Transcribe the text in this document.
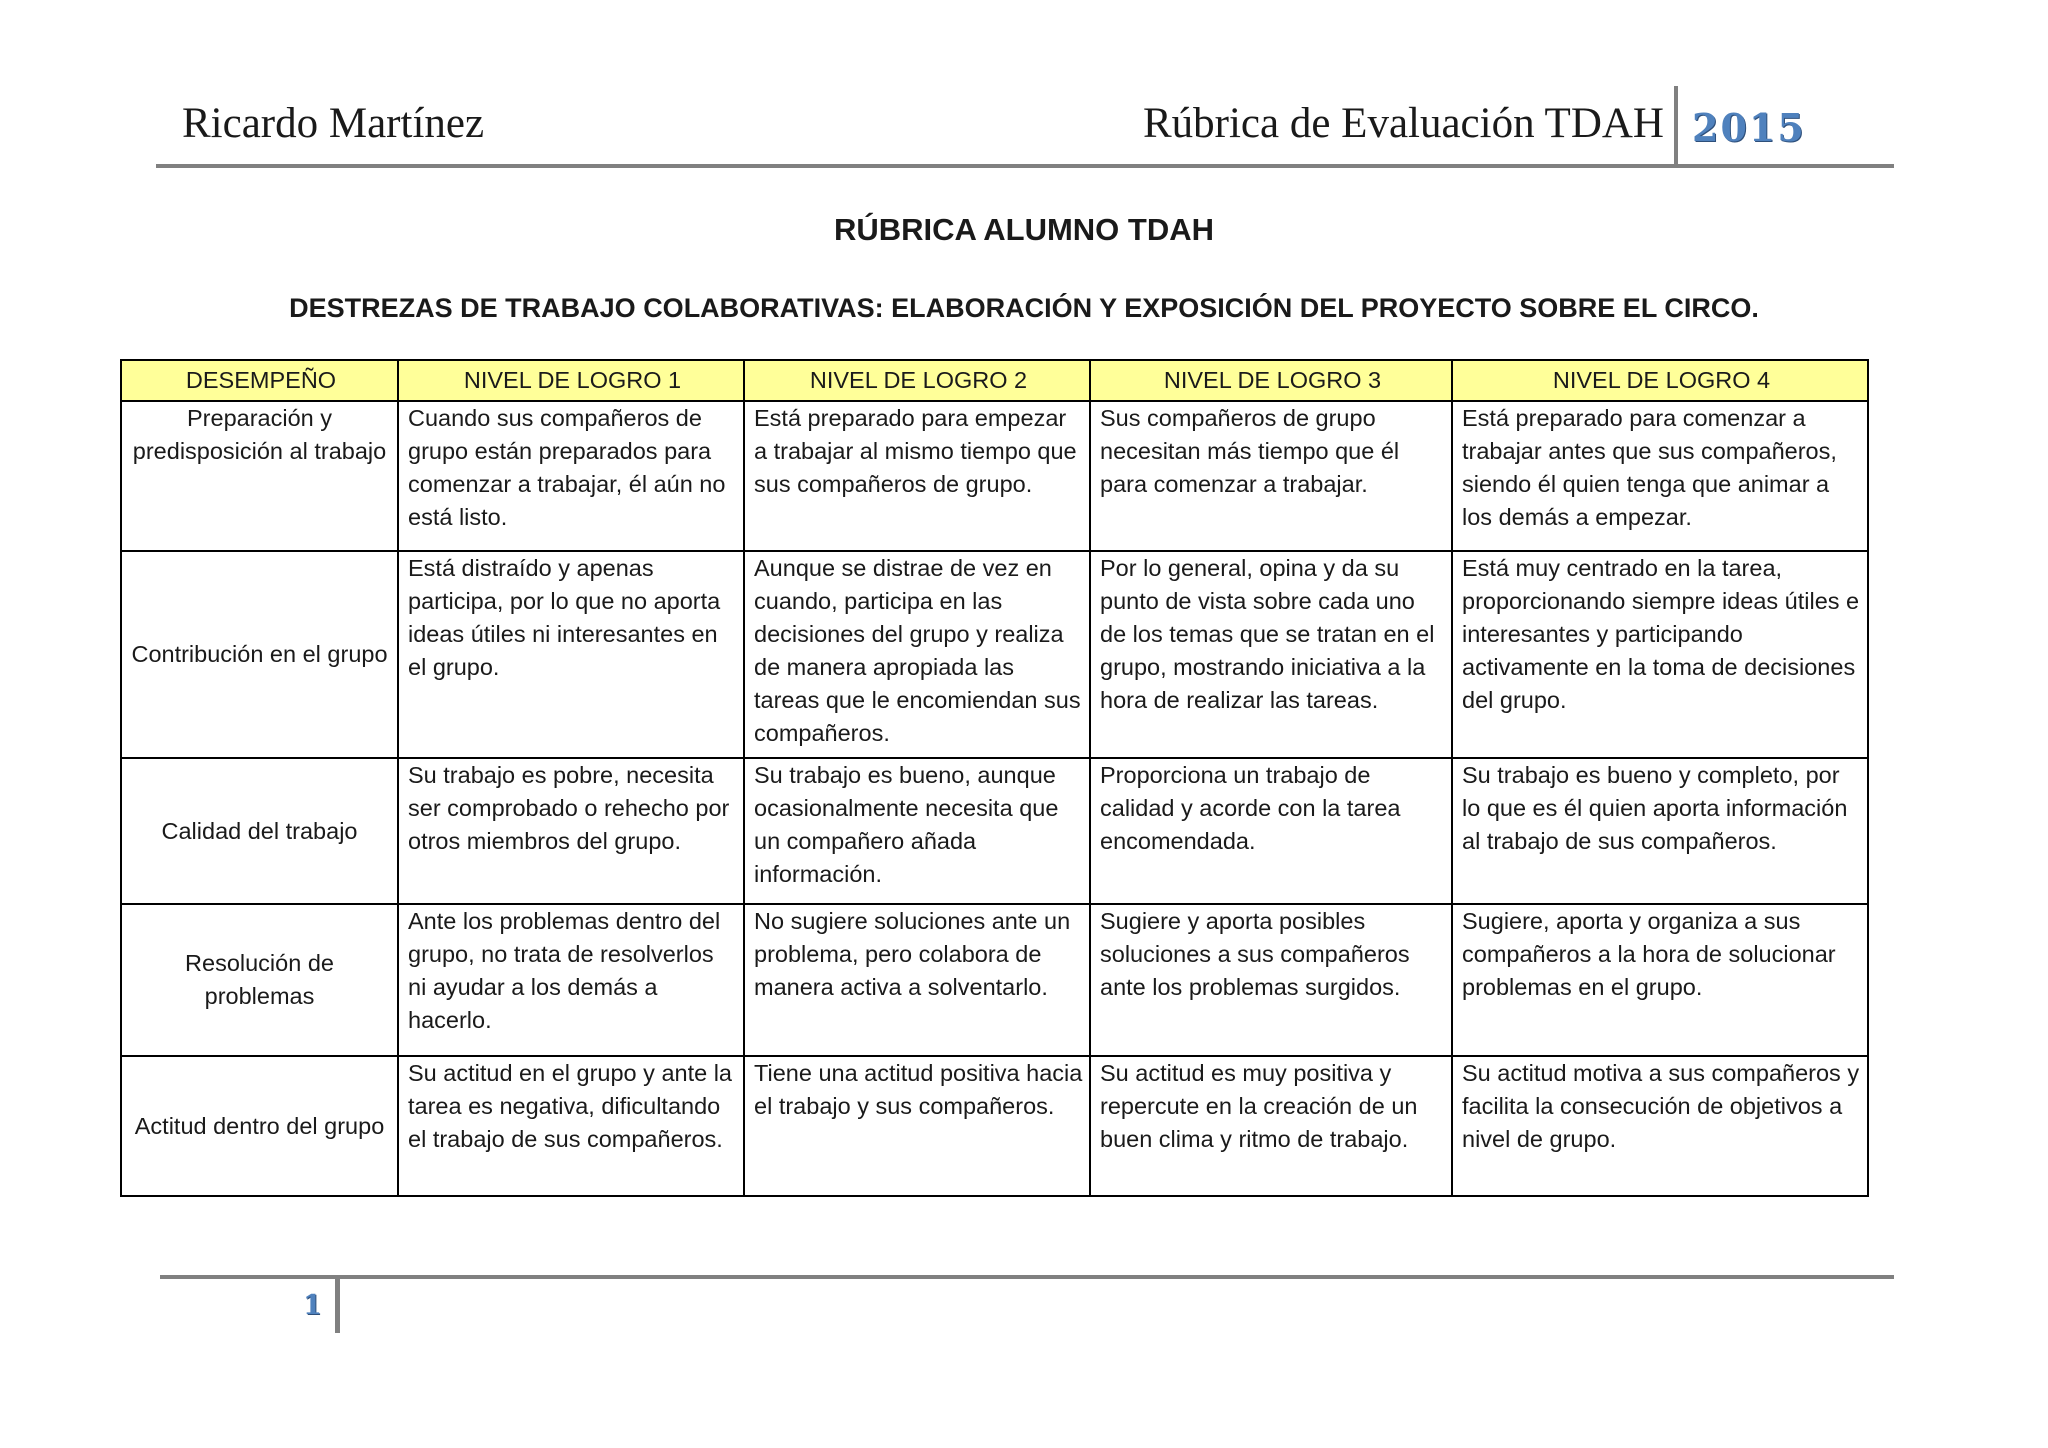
Ricardo Martínez	Rúbrica de Evaluación TDAH 2015
RÚBRICA ALUMNO TDAH
DESTREZAS DE TRABAJO COLABORATIVAS: ELABORACIÓN Y EXPOSICIÓN DEL PROYECTO SOBRE EL CIRCO.
DESEMPEÑO	NIVEL DE LOGRO 1	NIVEL DE LOGRO 2	NIVEL DE LOGRO 3	NIVEL DE LOGRO 4
Preparación y predisposición al trabajo	Cuando sus compañeros de grupo están preparados para comenzar a trabajar, él aún no está listo.	Está preparado para empezar a trabajar al mismo tiempo que sus compañeros de grupo.	Sus compañeros de grupo necesitan más tiempo que él para comenzar a trabajar.	Está preparado para comenzar a trabajar antes que sus compañeros, siendo él quien tenga que animar a los demás a empezar.
Contribución en el grupo	Está distraído y apenas participa, por lo que no aporta ideas útiles ni interesantes en el grupo.	Aunque se distrae de vez en cuando, participa en las decisiones del grupo y realiza de manera apropiada las tareas que le encomiendan sus compañeros.	Por lo general, opina y da su punto de vista sobre cada uno de los temas que se tratan en el grupo, mostrando iniciativa a la hora de realizar las tareas.	Está muy centrado en la tarea, proporcionando siempre ideas útiles e interesantes y participando activamente en la toma de decisiones del grupo.
Calidad del trabajo	Su trabajo es pobre, necesita ser comprobado o rehecho por otros miembros del grupo.	Su trabajo es bueno, aunque ocasionalmente necesita que un compañero añada información.	Proporciona un trabajo de calidad y acorde con la tarea encomendada.	Su trabajo es bueno y completo, por lo que es él quien aporta información al trabajo de sus compañeros.
Resolución de problemas	Ante los problemas dentro del grupo, no trata de resolverlos ni ayudar a los demás a hacerlo.	No sugiere soluciones ante un problema, pero colabora de manera activa a solventarlo.	Sugiere y aporta posibles soluciones a sus compañeros ante los problemas surgidos.	Sugiere, aporta y organiza a sus compañeros a la hora de solucionar problemas en el grupo.
Actitud dentro del grupo	Su actitud en el grupo y ante la tarea es negativa, dificultando el trabajo de sus compañeros.	Tiene una actitud positiva hacia el trabajo y sus compañeros.	Su actitud es muy positiva y repercute en la creación de un buen clima y ritmo de trabajo.	Su actitud motiva a sus compañeros y facilita la consecución de objetivos a nivel de grupo.
1
